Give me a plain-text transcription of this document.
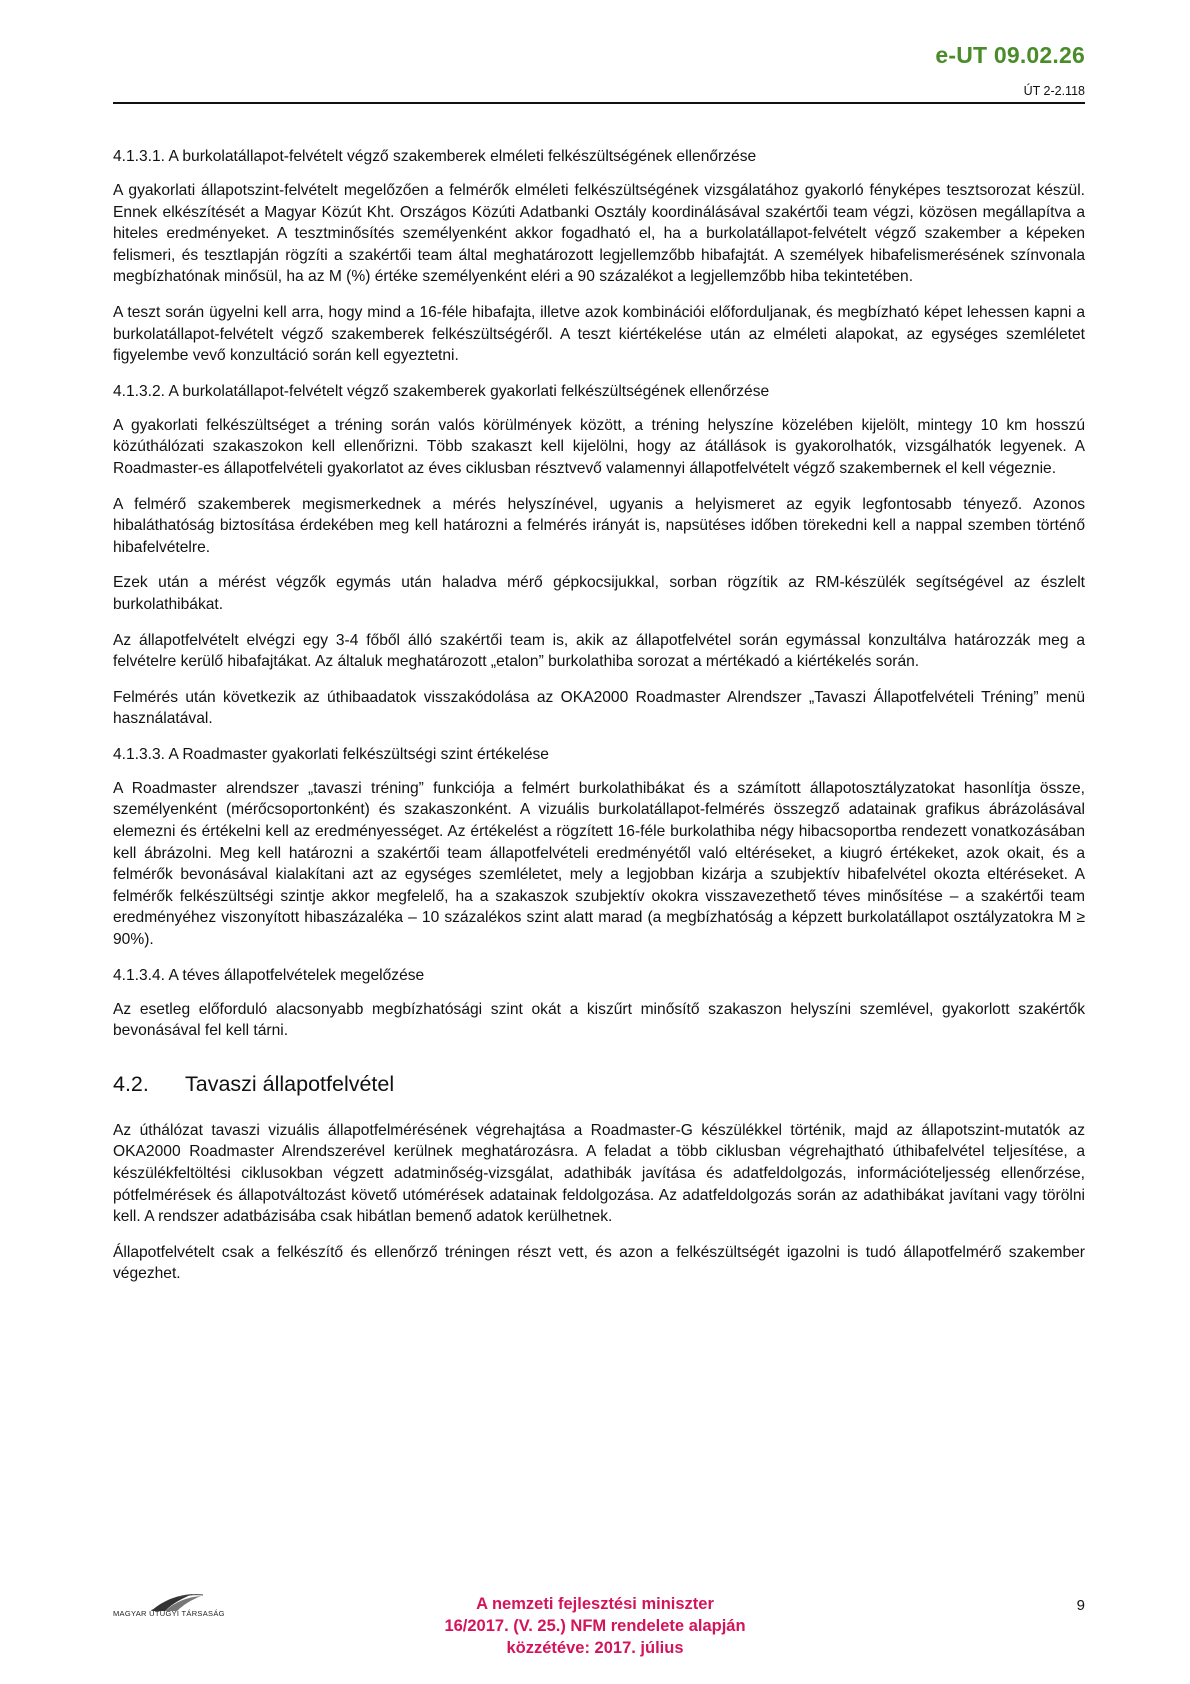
e-UT 09.02.26
ÚT 2-2.118
4.1.3.1. A burkolatállapot-felvételt végző szakemberek elméleti felkészültségének ellenőrzése

A gyakorlati állapotszint-felvételt megelőzően a felmérők elméleti felkészültségének vizsgálatához gyakorló fényképes tesztsorozat készül. Ennek elkészítését a Magyar Közút Kht. Országos Közúti Adatbanki Osztály koordinálásával szakértői team végzi, közösen megállapítva a hiteles eredményeket. A tesztminősítés személyenként akkor fogadható el, ha a burkolatállapot-felvételt végző szakember a képeken felismeri, és tesztlapján rögzíti a szakértői team által meghatározott legjellemzőbb hibafajtát. A személyek hibafelismerésének színvonala megbízhatónak minősül, ha az M (%) értéke személyenként eléri a 90 százalékot a legjellemzőbb hiba tekintetében.

A teszt során ügyelni kell arra, hogy mind a 16-féle hibafajta, illetve azok kombinációi előforduljanak, és megbízható képet lehessen kapni a burkolatállapot-felvételt végző szakemberek felkészültségéről. A teszt kiértékelése után az elméleti alapokat, az egységes szemléletet figyelembe vevő konzultáció során kell egyeztetni.

4.1.3.2. A burkolatállapot-felvételt végző szakemberek gyakorlati felkészültségének ellenőrzése

A gyakorlati felkészültséget a tréning során valós körülmények között, a tréning helyszíne közelében kijelölt, mintegy 10 km hosszú közúthálózati szakaszokon kell ellenőrizni. Több szakaszt kell kijelölni, hogy az átállások is gyakorolhatók, vizsgálhatók legyenek. A Roadmaster-es állapotfelvételi gyakorlatot az éves ciklusban résztvevő valamennyi állapotfelvételt végző szakembernek el kell végeznie.

A felmérő szakemberek megismerkednek a mérés helyszínével, ugyanis a helyismeret az egyik legfontosabb tényező. Azonos hibaláthatóság biztosítása érdekében meg kell határozni a felmérés irányát is, napsütéses időben törekedni kell a nappal szemben történő hibafelvételre.

Ezek után a mérést végzők egymás után haladva mérő gépkocsijukkal, sorban rögzítik az RM-készülék segítségével az észlelt burkolathibákat.

Az állapotfelvételt elvégzi egy 3-4 főből álló szakértői team is, akik az állapotfelvétel során egymással konzultálva határozzák meg a felvételre kerülő hibafajtákat. Az általuk meghatározott „etalon” burkolathiba sorozat a mértékadó a kiértékelés során.

Felmérés után következik az úthibaadatok visszakódolása az OKA2000 Roadmaster Alrendszer „Tavaszi Állapotfelvételi Tréning” menü használatával.

4.1.3.3. A Roadmaster gyakorlati felkészültségi szint értékelése

A Roadmaster alrendszer „tavaszi tréning” funkciója a felmért burkolathibákat és a számított állapotosztályzatokat hasonlítja össze, személyenként (mérőcsoportonként) és szakaszonként. A vizuális burkolatállapot-felmérés összegző adatainak grafikus ábrázolásával elemezni és értékelni kell az eredményességet. Az értékelést a rögzített 16-féle burkolathiba négy hibacsoportba rendezett vonatkozásában kell ábrázolni. Meg kell határozni a szakértői team állapotfelvételi eredményétől való eltéréseket, a kiugró értékeket, azok okait, és a felmérők bevonásával kialakítani azt az egységes szemléletet, mely a legjobban kizárja a szubjektív hibafelvétel okozta eltéréseket. A felmérők felkészültségi szintje akkor megfelelő, ha a szakaszok szubjektív okokra visszavezethető téves minősítése – a szakértői team eredményéhez viszonyított hibaszázaléka – 10 százalékos szint alatt marad (a megbízhatóság a képzett burkolatállapot osztályzatokra M ≥ 90%).

4.1.3.4. A téves állapotfelvételek megelőzése

Az esetleg előforduló alacsonyabb megbízhatósági szint okát a kiszűrt minősítő szakaszon helyszíni szemlével, gyakorlott szakértők bevonásával fel kell tárni.

4.2. Tavaszi állapotfelvétel

Az úthálózat tavaszi vizuális állapotfelmérésének végrehajtása a Roadmaster-G készülékkel történik, majd az állapotszint-mutatók az OKA2000 Roadmaster Alrendszerével kerülnek meghatározásra. A feladat a több ciklusban végrehajtható úthibafelvétel teljesítése, a készülékfeltöltési ciklusokban végzett adatminőség-vizsgálat, adathibák javítása és adatfeldolgozás, információteljesség ellenőrzése, pótfelmérések és állapotváltozást követő utómérések adatainak feldolgozása. Az adatfeldolgozás során az adathibákat javítani vagy törölni kell. A rendszer adatbázisába csak hibátlan bemenő adatok kerülhetnek.

Állapotfelvételt csak a felkészítő és ellenőrző tréningen részt vett, és azon a felkészültségét igazolni is tudó állapotfelmérő szakember végezhet.

MAGYAR ÚTÜGYI TÁRSASÁG
A nemzeti fejlesztési miniszter
16/2017. (V. 25.) NFM rendelete alapján
közzétéve: 2017. július
9
